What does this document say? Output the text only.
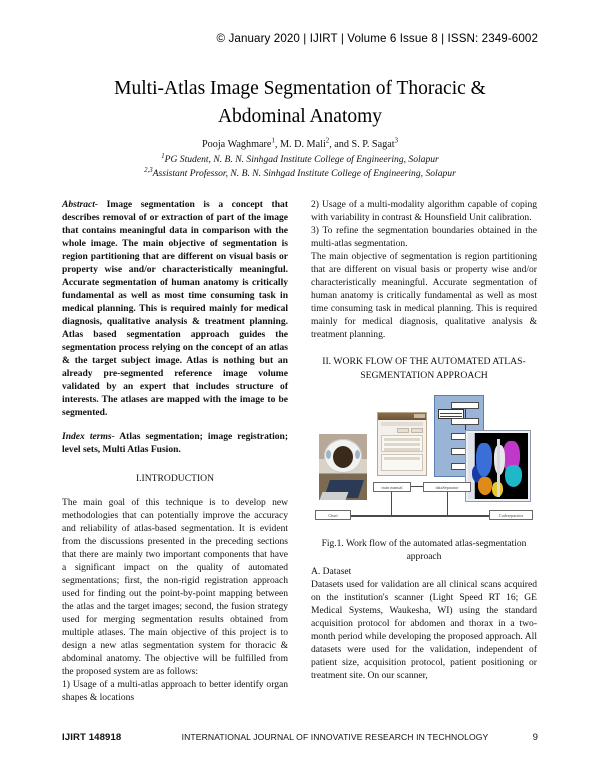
© January 2020 | IJIRT | Volume 6 Issue 8 | ISSN: 2349-6002
Multi-Atlas Image Segmentation of Thoracic & Abdominal Anatomy
Pooja Waghmare$^1$, M. D. Mali$^2$, and S. P. Sagat$^3$
$^1$PG Student, N. B. N. Sinhgad Institute College of Engineering, Solapur
$^{2,3}$Assistant Professor, N. B. N. Sinhgad Institute College of Engineering, Solapur

Abstract- Image segmentation is a concept that describes removal of or extraction of part of the image that contains meaningful data in comparison with the whole image. The main objective of segmentation is region partitioning that are different on visual basis or property wise and/or characteristically meaningful. Accurate segmentation of human anatomy is critically fundamental as well as most time consuming task in medical planning. This is required mainly for medical diagnosis, qualitative analysis & treatment planning. Atlas based segmentation approach guides the segmentation process relying on the concept of an atlas & the target subject image. Atlas is nothing but an already pre-segmented reference image volume validated by an expert that includes structure of interests. The atlases are mapped with the image to be segmented.

Index terms- Atlas segmentation; image registration; level sets, Multi Atlas Fusion.

I.INTRODUCTION

The main goal of this technique is to develop new methodologies that can potentially improve the accuracy and reliability of atlas-based segmentation. It is evident from the discussions presented in the preceding sections that there are mainly two important components that have a significant impact on the quality of automated segmentations; first, the non-rigid registration approach used for finding out the point-by-point mapping between the atlas and the target images; second, the fusion strategy used for merging segmentation results obtained from multiple atlases. The main objective of this project is to design a new atlas segmentation system for thoracic & abdominal anatomy. The objective will be fulfilled from the proposed system are as follows:

1) Usage of a multi-atlas approach to better identify organ shapes & locations

2) Usage of a multi-modality algorithm capable of coping with variability in contrast & Hounsfield Unit calibration.

3) To refine the segmentation boundaries obtained in the multi-atlas segmentation.

The main objective of segmentation is region partitioning that are different on visual basis or property wise and/or characteristically meaningful. Accurate segmentation of human anatomy is critically fundamental as well as most time consuming task in medical planning. This is required mainly for medical diagnosis, qualitative analysis & treatment planning.

II. WORK FLOW OF THE AUTOMATED ATLAS-SEGMENTATION APPROACH

train manual	dataSeparator
Chart	Codeseparator
Fig.1. Work flow of the automated atlas-segmentation approach

A. Dataset

Datasets used for validation are all clinical scans acquired on the institution's scanner (Light Speed RT 16; GE Medical Systems, Waukesha, WI) using the standard acquisition protocol for abdomen and thorax in a two-month period while developing the proposed approach. All datasets were used for the validation, independent of patient size, acquisition protocol, patient positioning or treatment site. On our scanner,

IJIRT 148918	INTERNATIONAL JOURNAL OF INNOVATIVE RESEARCH IN TECHNOLOGY	9
